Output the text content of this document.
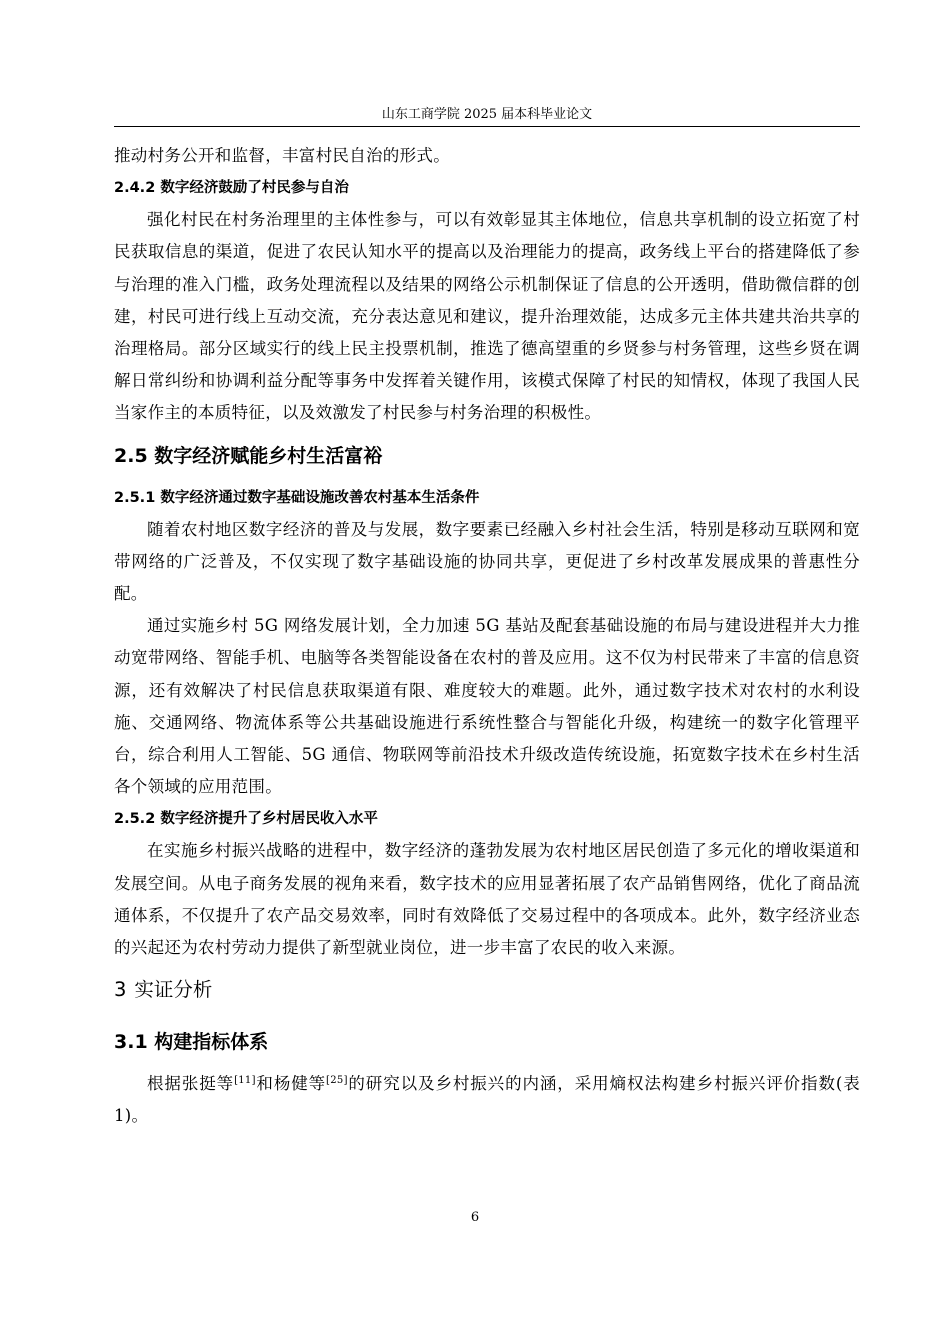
山东工商学院 2025 届本科毕业论文

推动村务公开和监督，丰富村民自治的形式。

2.4.2 数字经济鼓励了村民参与自治

强化村民在村务治理里的主体性参与，可以有效彰显其主体地位，信息共享机制的设立拓宽了村民获取信息的渠道，促进了农民认知水平的提高以及治理能力的提高，政务线上平台的搭建降低了参与治理的准入门槛，政务处理流程以及结果的网络公示机制保证了信息的公开透明，借助微信群的创建，村民可进行线上互动交流，充分表达意见和建议，提升治理效能，达成多元主体共建共治共享的治理格局。部分区域实行的线上民主投票机制，推选了德高望重的乡贤参与村务管理，这些乡贤在调解日常纠纷和协调利益分配等事务中发挥着关键作用，该模式保障了村民的知情权，体现了我国人民当家作主的本质特征，以及效激发了村民参与村务治理的积极性。

2.5 数字经济赋能乡村生活富裕

2.5.1 数字经济通过数字基础设施改善农村基本生活条件

随着农村地区数字经济的普及与发展，数字要素已经融入乡村社会生活，特别是移动互联网和宽带网络的广泛普及，不仅实现了数字基础设施的协同共享，更促进了乡村改革发展成果的普惠性分配。

通过实施乡村 5G 网络发展计划，全力加速 5G 基站及配套基础设施的布局与建设进程并大力推动宽带网络、智能手机、电脑等各类智能设备在农村的普及应用。这不仅为村民带来了丰富的信息资源，还有效解决了村民信息获取渠道有限、难度较大的难题。此外，通过数字技术对农村的水利设施、交通网络、物流体系等公共基础设施进行系统性整合与智能化升级，构建统一的数字化管理平台，综合利用人工智能、5G 通信、物联网等前沿技术升级改造传统设施，拓宽数字技术在乡村生活各个领域的应用范围。

2.5.2 数字经济提升了乡村居民收入水平

在实施乡村振兴战略的进程中，数字经济的蓬勃发展为农村地区居民创造了多元化的增收渠道和发展空间。从电子商务发展的视角来看，数字技术的应用显著拓展了农产品销售网络，优化了商品流通体系，不仅提升了农产品交易效率，同时有效降低了交易过程中的各项成本。此外，数字经济业态的兴起还为农村劳动力提供了新型就业岗位，进一步丰富了农民的收入来源。

3 实证分析

3.1 构建指标体系

根据张挺等[11]和杨健等[25]的研究以及乡村振兴的内涵，采用熵权法构建乡村振兴评价指数(表 1)。

6
